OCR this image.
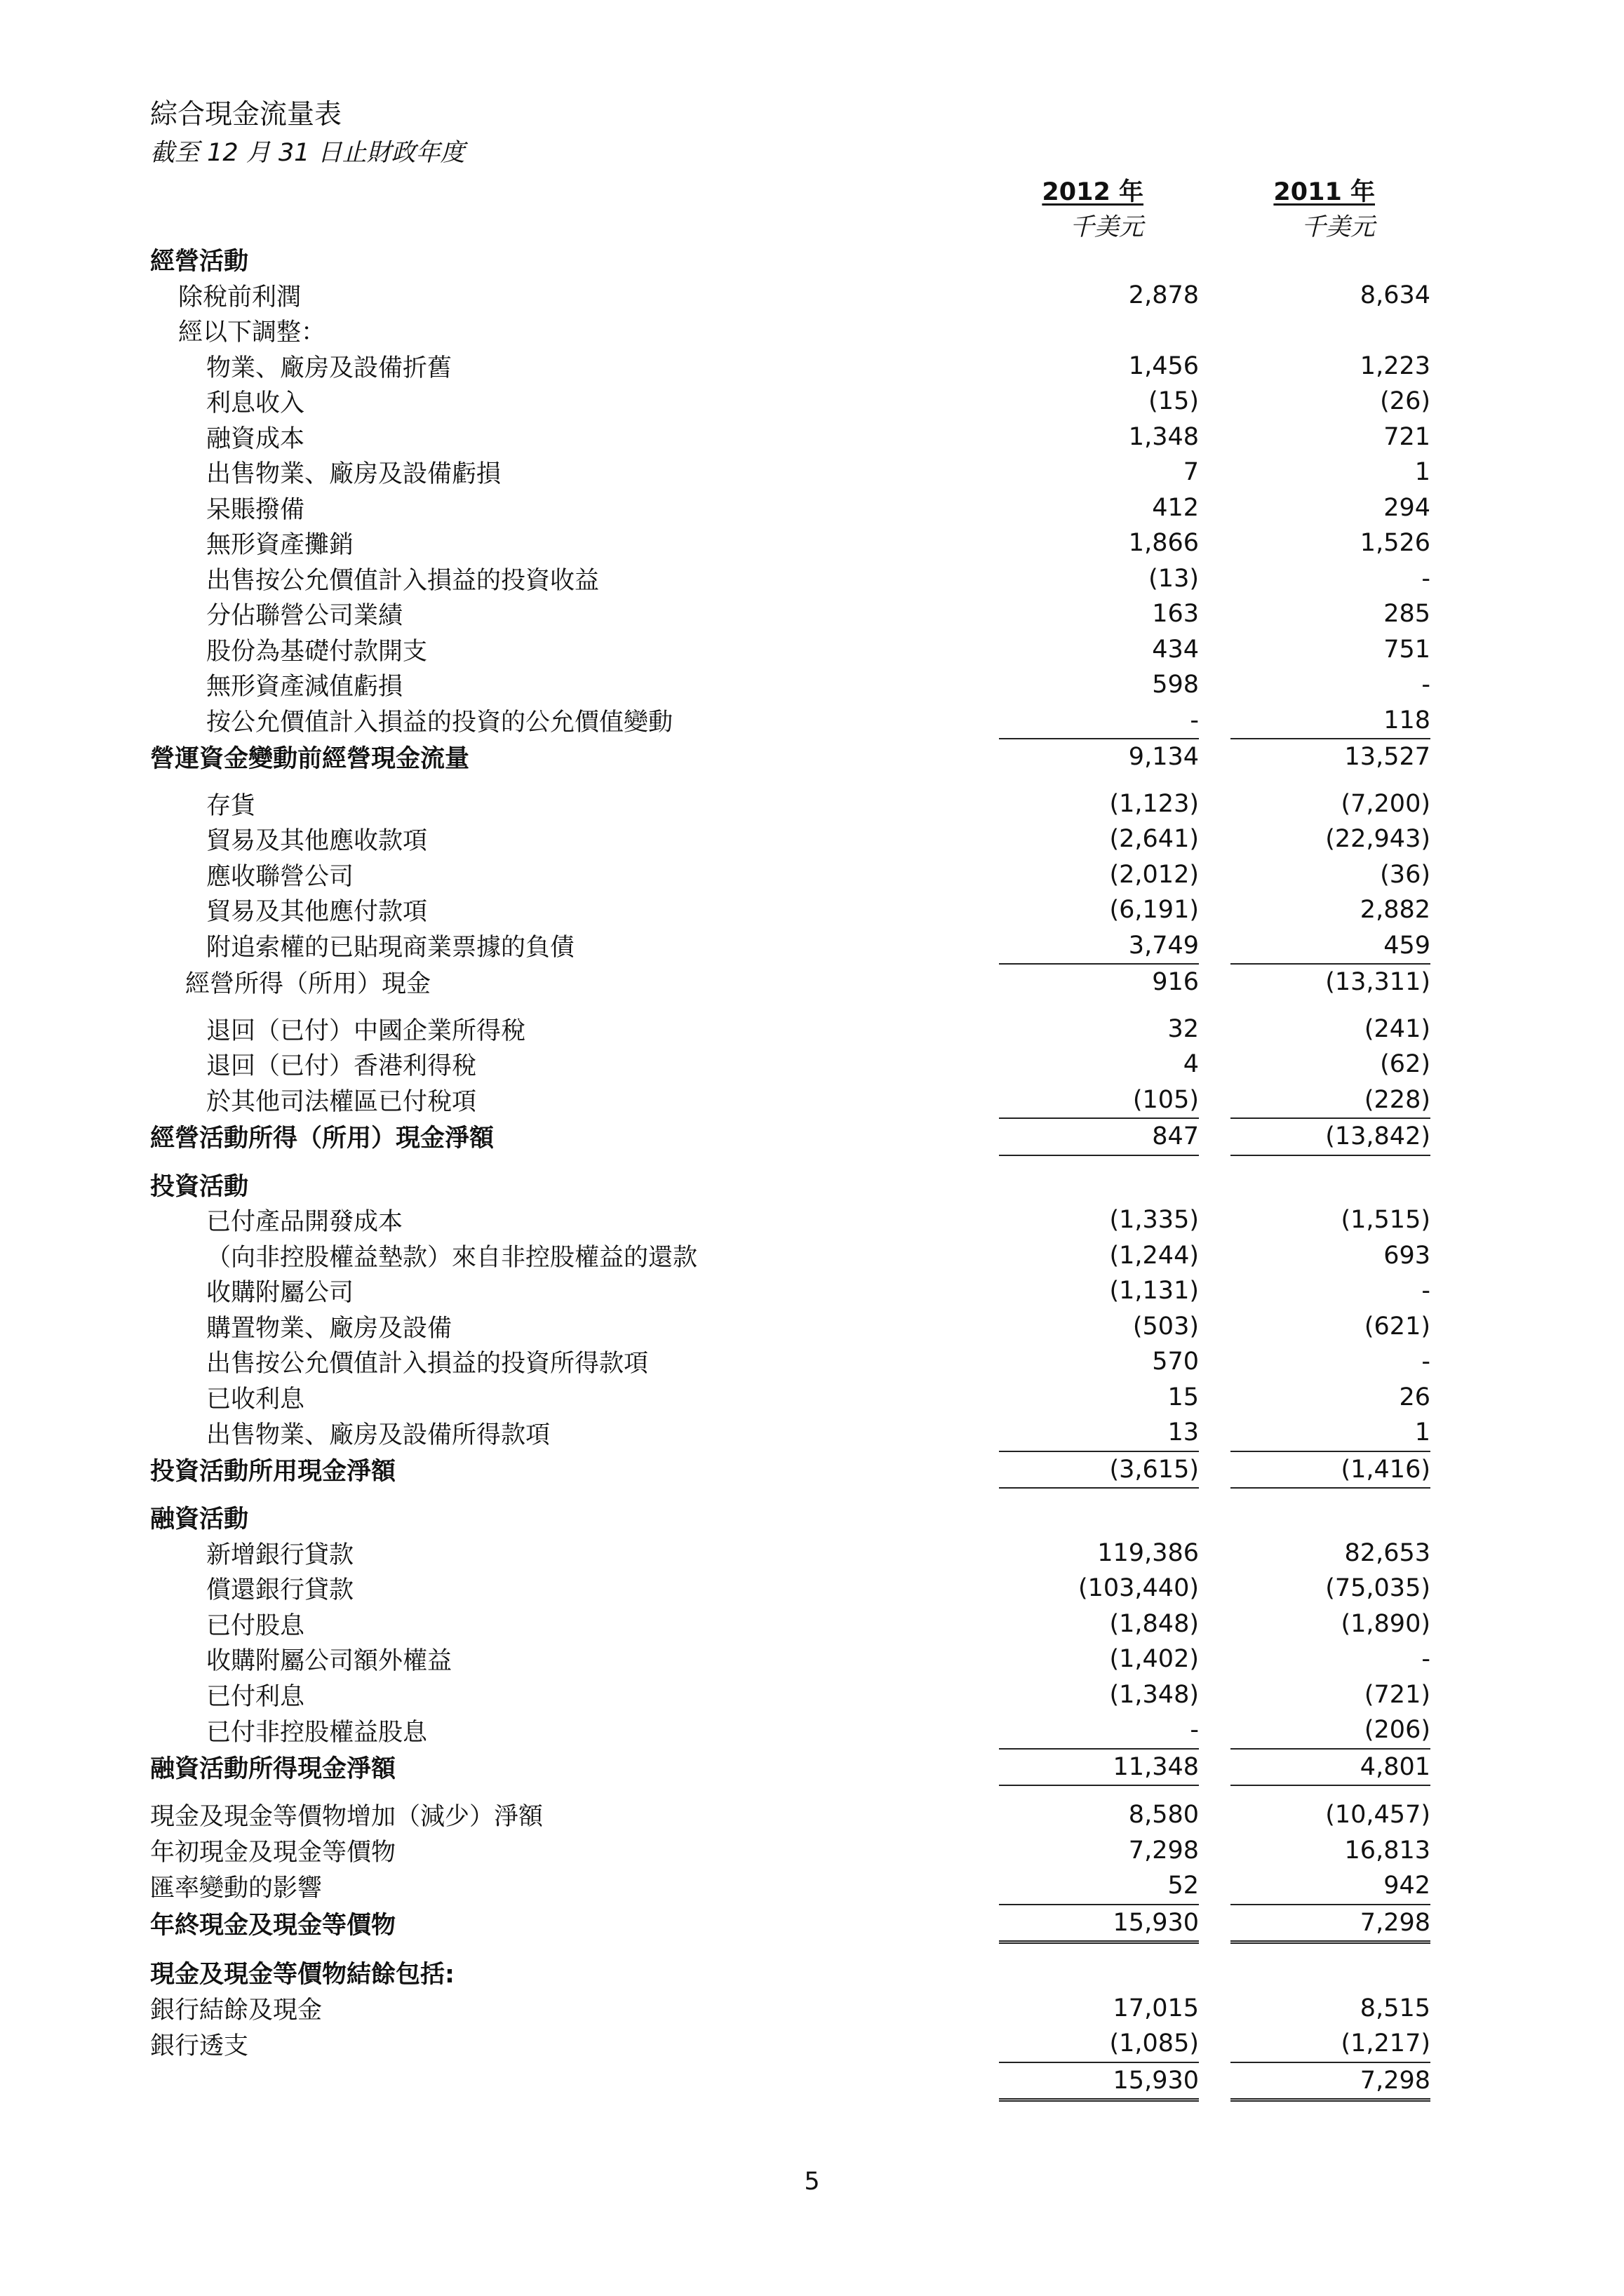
綜合現金流量表
截至 12 月 31 日止財政年度
2012 年	2011 年
千美元	千美元
經營活動			
除稅前利潤	2,878		8,634
經以下調整：			
物業、廠房及設備折舊	1,456		1,223
利息收入	(15)		(26)
融資成本	1,348		721
出售物業、廠房及設備虧損	7		1
呆賬撥備	412		294
無形資產攤銷	1,866		1,526
出售按公允價值計入損益的投資收益	(13)		-
分佔聯營公司業績	163		285
股份為基礎付款開支	434		751
無形資產減值虧損	598		-
按公允價值計入損益的投資的公允價值變動	-		118
營運資金變動前經營現金流量	9,134		13,527

存貨	(1,123)		(7,200)
貿易及其他應收款項	(2,641)		(22,943)
應收聯營公司	(2,012)		(36)
貿易及其他應付款項	(6,191)		2,882
附追索權的已貼現商業票據的負債	3,749		459
經營所得（所用）現金	916		(13,311)

退回（已付）中國企業所得稅	32		(241)
退回（已付）香港利得稅	4		(62)
於其他司法權區已付稅項	(105)		(228)
經營活動所得（所用）現金淨額	847		(13,842)

投資活動			
已付產品開發成本	(1,335)		(1,515)
（向非控股權益墊款）來自非控股權益的還款	(1,244)		693
收購附屬公司	(1,131)		-
購置物業、廠房及設備	(503)		(621)
出售按公允價值計入損益的投資所得款項	570		-
已收利息	15		26
出售物業、廠房及設備所得款項	13		1
投資活動所用現金淨額	(3,615)		(1,416)

融資活動			
新增銀行貸款	119,386		82,653
償還銀行貸款	(103,440)		(75,035)
已付股息	(1,848)		(1,890)
收購附屬公司額外權益	(1,402)		-
已付利息	(1,348)		(721)
已付非控股權益股息	-		(206)
融資活動所得現金淨額	11,348		4,801

現金及現金等價物增加（減少）淨額	8,580		(10,457)
年初現金及現金等價物	7,298		16,813
匯率變動的影響	52		942
年終現金及現金等價物	15,930		7,298

現金及現金等價物結餘包括:			
銀行結餘及現金	17,015		8,515
銀行透支	(1,085)		(1,217)
	15,930		7,298
5
